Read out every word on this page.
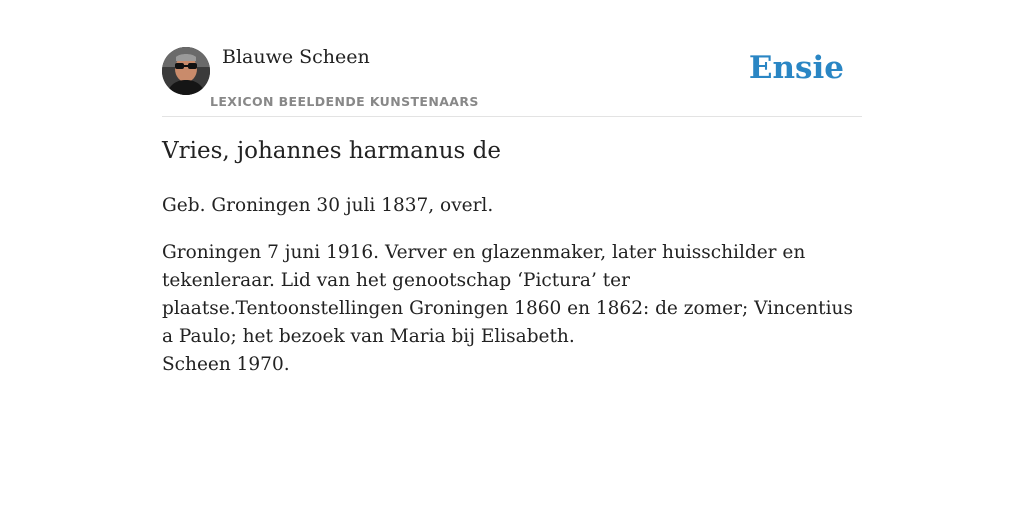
Blauwe Scheen
LEXICON BEELDENDE KUNSTENAARS
Ensie
Vries, johannes harmanus de

Geb. Groningen 30 juli 1837, overl.

Groningen 7 juni 1916. Verver en glazenmaker, later huisschilder en tekenleraar. Lid van het genootschap ‘Pictura’ ter plaatse.Tentoonstellingen Groningen 1860 en 1862: de zomer; Vincentius a Paulo; het bezoek van Maria bij Elisabeth.

Scheen 1970.
